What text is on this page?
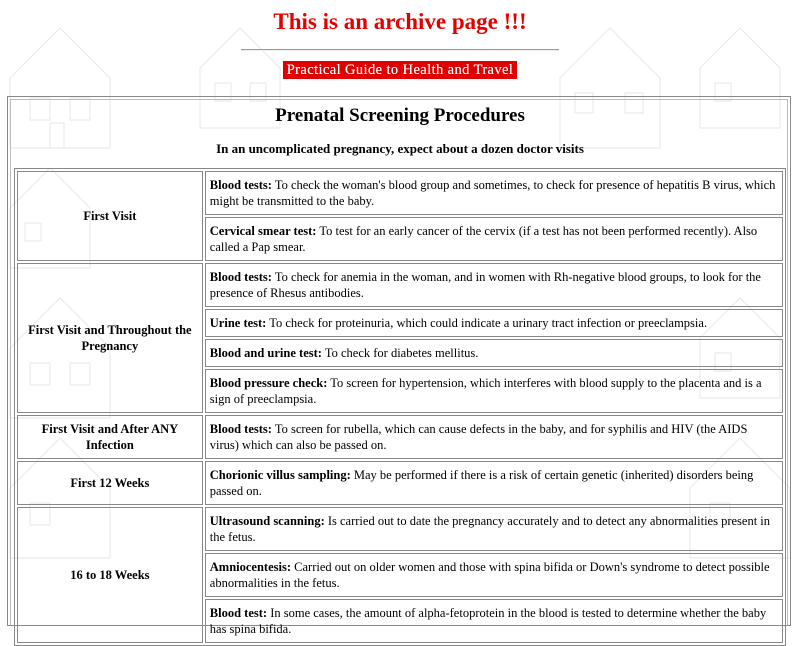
This is an archive page !!!
Practical Guide to Health and Travel
Prenatal Screening Procedures
In an uncomplicated pregnancy, expect about a dozen doctor visits
First Visit	Blood tests: To check the woman's blood group and sometimes, to check for presence of hepatitis B virus, which might be transmitted to the baby.
	Cervical smear test: To test for an early cancer of the cervix (if a test has not been performed recently). Also called a Pap smear.
First Visit and Throughout the Pregnancy	Blood tests: To check for anemia in the woman, and in women with Rh-negative blood groups, to look for the presence of Rhesus antibodies.
	Urine test: To check for proteinuria, which could indicate a urinary tract infection or preeclampsia.
	Blood and urine test: To check for diabetes mellitus.
	Blood pressure check: To screen for hypertension, which interferes with blood supply to the placenta and is a sign of preeclampsia.
First Visit and After ANY Infection	Blood tests: To screen for rubella, which can cause defects in the baby, and for syphilis and HIV (the AIDS virus) which can also be passed on.
First 12 Weeks	Chorionic villus sampling: May be performed if there is a risk of certain genetic (inherited) disorders being passed on.
16 to 18 Weeks	Ultrasound scanning: Is carried out to date the pregnancy accurately and to detect any abnormalities present in the fetus.
	Amniocentesis: Carried out on older women and those with spina bifida or Down's syndrome to detect possible abnormalities in the fetus.
	Blood test: In some cases, the amount of alpha-fetoprotein in the blood is tested to determine whether the baby has spina bifida.
